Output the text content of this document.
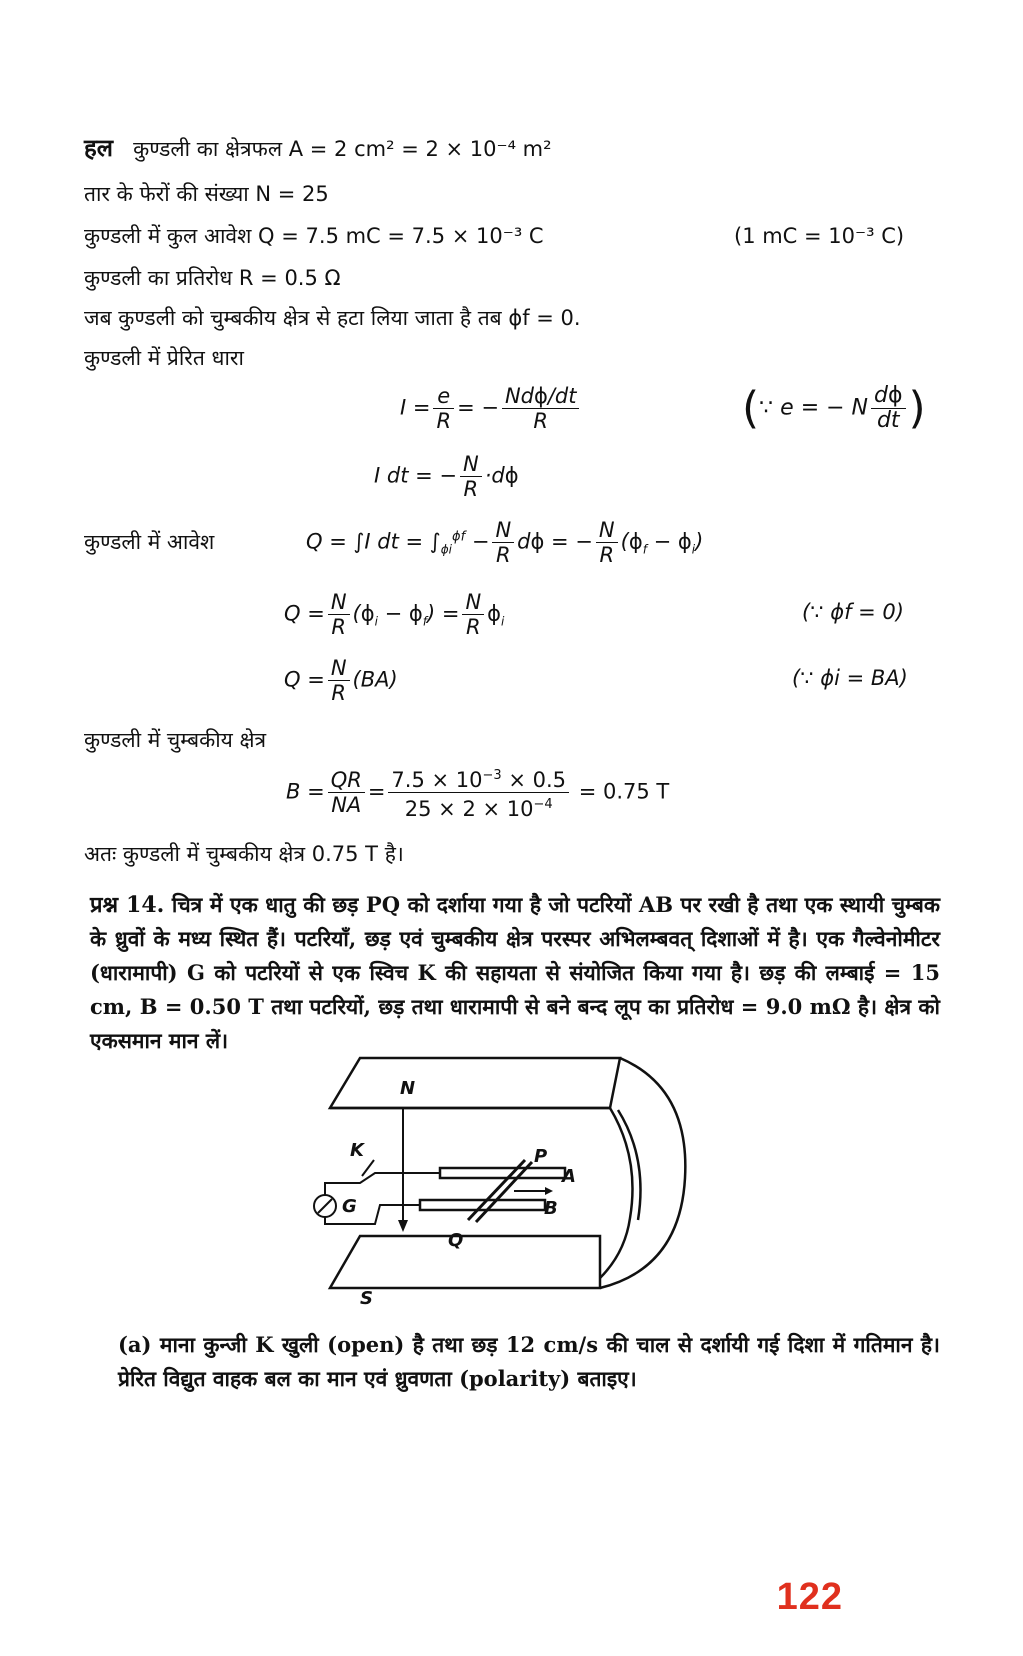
हल कुण्डली का क्षेत्रफल A = 2 cm² = 2 × 10⁻⁴ m²
तार के फेरों की संख्या N = 25
कुण्डली में कुल आवेश Q = 7.5 mC = 7.5 × 10⁻³ C	(1 mC = 10⁻³ C)
कुण्डली का प्रतिरोध R = 0.5 Ω
जब कुण्डली को चुम्बकीय क्षेत्र से हटा लिया जाता है तब ϕf = 0.
कुण्डली में प्रेरित धारा
$I = \frac{e}{R}$ = − $\frac{\text{Ndϕ/dt}}{R}$	(∵ e = − N $\frac{d\phi}{dt}$ )
I dt = − $\frac{N}{R} \cdot d\phi$
कुण्डली में आवेश	Q = ∫I dt = $\int_{\phi i}^{\phi f} - \frac{N}{R}$ dϕ = − $\frac{N}{R} (\phi_f - \phi_i)$
$Q = \frac{N}{R} (\phi_i - \phi_f) = \frac{N}{R} \phi_i$	(∵ ϕf = 0)
$Q = \frac{N}{R} (BA)$	(∵ ϕi = BA)
कुण्डली में चुम्बकीय क्षेत्र
$B = \frac{QR}{NA} = \frac{7.5 \times 10^{-3} \times 0.5}{25 \times 2 \times 10^{-4}} = 0.75$ T
अतः कुण्डली में चुम्बकीय क्षेत्र 0.75 T है।
प्रश्न 14. चित्र में एक धातु की छड़ PQ को दर्शाया गया है जो पटरियों AB पर रखी है तथा एक स्थायी चुम्बक के ध्रुवों के मध्य स्थित हैं। पटरियाँ, छड़ एवं चुम्बकीय क्षेत्र परस्पर अभिलम्बवत् दिशाओं में है। एक गैल्वेनोमीटर (धारामापी) G को पटरियों से एक स्विच K की सहायता से संयोजित किया गया है। छड़ की लम्बाई = 15 cm, B = 0.50 T तथा पटरियों, छड़ तथा धारामापी से बने बन्द लूप का प्रतिरोध = 9.0 mΩ है। क्षेत्र को एकसमान मान लें।
N
S
K
G
P
Q
A
B
(a) माना कुन्जी K खुली (open) है तथा छड़ 12 cm/s की चाल से दर्शायी गई दिशा में गतिमान है। प्रेरित विद्युत वाहक बल का मान एवं ध्रुवणता (polarity) बताइए।
122
